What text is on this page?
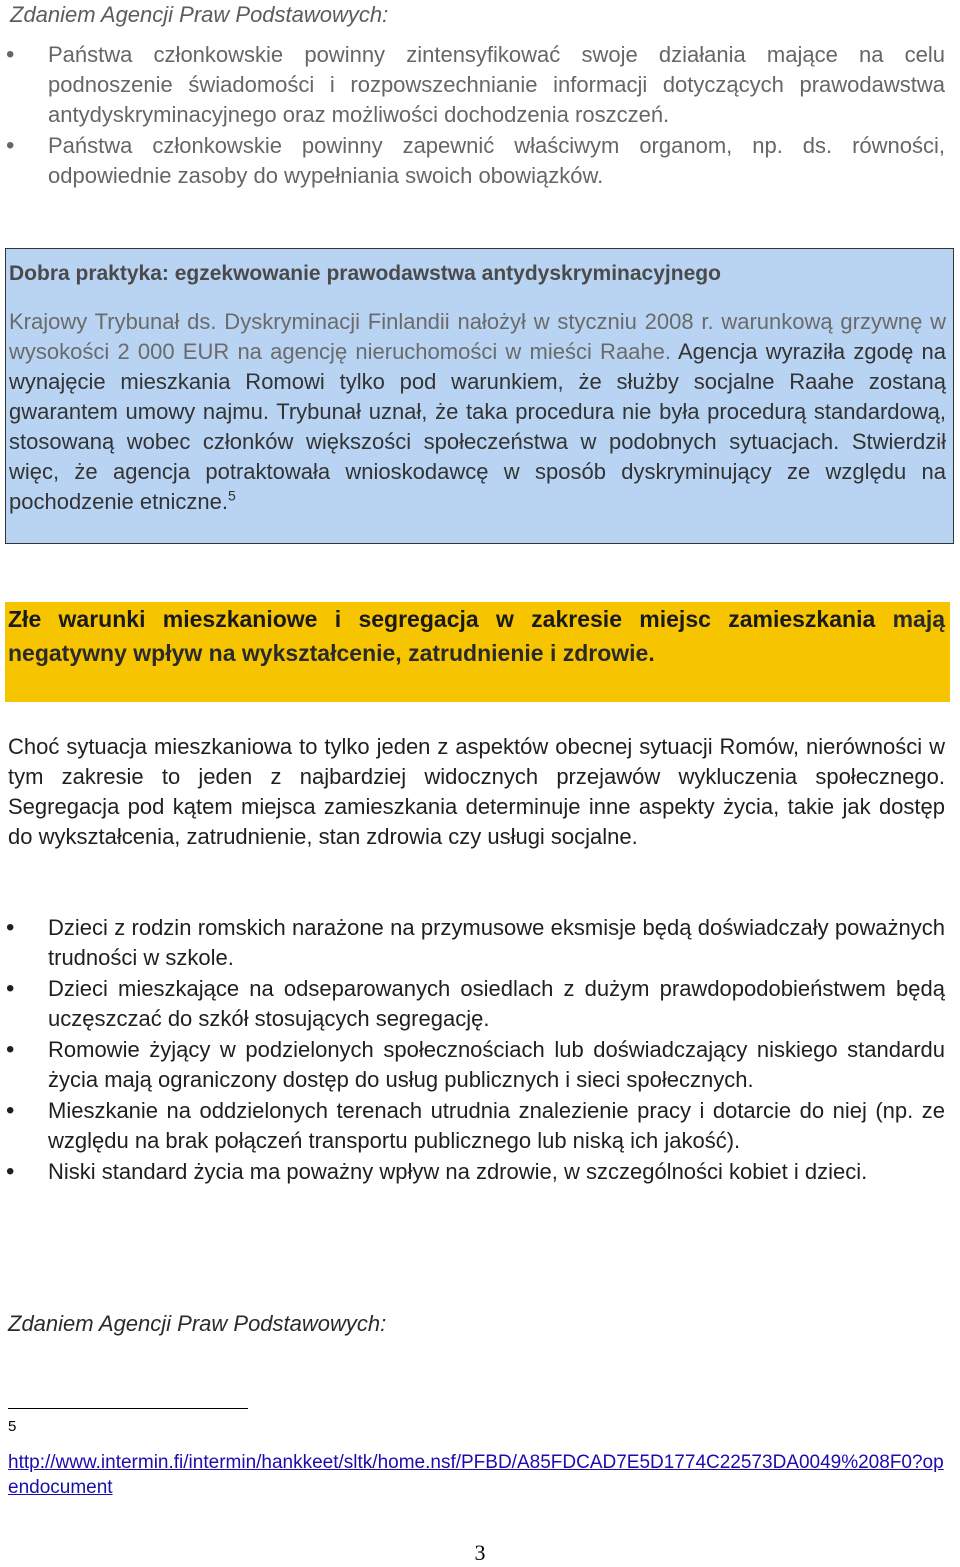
Zdaniem Agencji Praw Podstawowych:
• Państwa członkowskie powinny zintensyfikować swoje działania mające na celu podnoszenie świadomości i rozpowszechnianie informacji dotyczących prawodawstwa antydyskryminacyjnego oraz możliwości dochodzenia roszczeń.
• Państwa członkowskie powinny zapewnić właściwym organom, np. ds. równości, odpowiednie zasoby do wypełniania swoich obowiązków.
Dobra praktyka: egzekwowanie prawodawstwa antydyskryminacyjnego
Krajowy Trybunał ds. Dyskryminacji Finlandii nałożył w styczniu 2008 r. warunkową grzywnę w wysokości 2 000 EUR na agencję nieruchomości w mieści Raahe. Agencja wyraziła zgodę na wynajęcie mieszkania Romowi tylko pod warunkiem, że służby socjalne Raahe zostaną gwarantem umowy najmu. Trybunał uznał, że taka procedura nie była procedurą standardową, stosowaną wobec członków większości społeczeństwa w podobnych sytuacjach. Stwierdził więc, że agencja potraktowała wnioskodawcę w sposób dyskryminujący ze względu na pochodzenie etniczne.$^5$
Złe warunki mieszkaniowe i segregacja w zakresie miejsc zamieszkania mają negatywny wpływ na wykształcenie, zatrudnienie i zdrowie.
Choć sytuacja mieszkaniowa to tylko jeden z aspektów obecnej sytuacji Romów, nierówności w tym zakresie to jeden z najbardziej widocznych przejawów wykluczenia społecznego. Segregacja pod kątem miejsca zamieszkania determinuje inne aspekty życia, takie jak dostęp do wykształcenia, zatrudnienie, stan zdrowia czy usługi socjalne.
• Dzieci z rodzin romskich narażone na przymusowe eksmisje będą doświadczały poważnych trudności w szkole.
• Dzieci mieszkające na odseparowanych osiedlach z dużym prawdopodobieństwem będą uczęszczać do szkół stosujących segregację.
• Romowie żyjący w podzielonych społecznościach lub doświadczający niskiego standardu życia mają ograniczony dostęp do usług publicznych i sieci społecznych.
• Mieszkanie na oddzielonych terenach utrudnia znalezienie pracy i dotarcie do niej (np. ze względu na brak połączeń transportu publicznego lub niską ich jakość).
• Niski standard życia ma poważny wpływ na zdrowie, w szczególności kobiet i dzieci.
Zdaniem Agencji Praw Podstawowych:
5
http://www.intermin.fi/intermin/hankkeet/sltk/home.nsf/PFBD/A85FDCAD7E5D1774C22573DA0049%208F0?opendocument
3
